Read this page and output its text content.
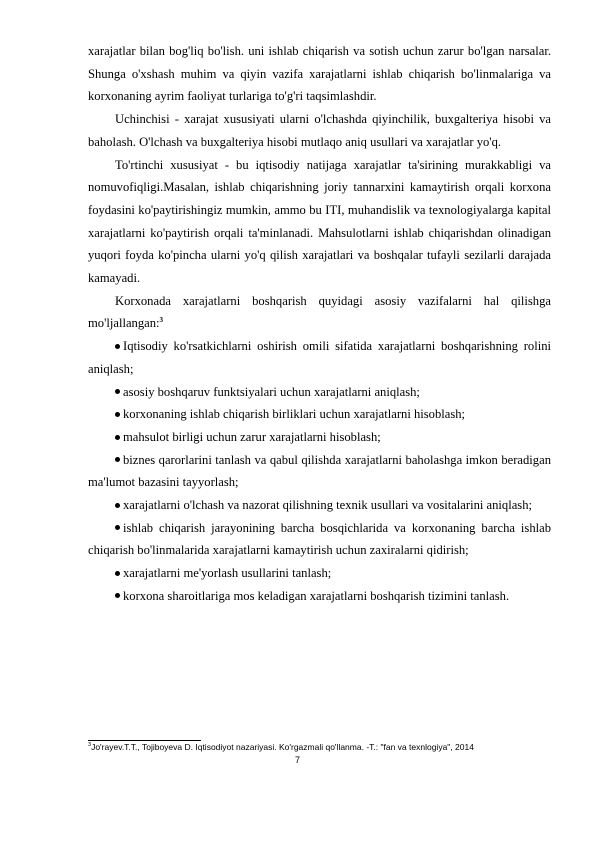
xarajatlar bilan bog'liq bo'lish. uni ishlab chiqarish va sotish uchun zarur bo'lgan narsalar. Shunga o'xshash muhim va qiyin vazifa xarajatlarni ishlab chiqarish bo'linmalariga va korxonaning ayrim faoliyat turlariga to'g'ri taqsimlashdir.

Uchinchisi - xarajat xususiyati ularni o'lchashda qiyinchilik, buxgalteriya hisobi va baholash. O'lchash va buxgalteriya hisobi mutlaqo aniq usullari va xarajatlar yo'q.

To'rtinchi xususiyat - bu iqtisodiy natijaga xarajatlar ta'sirining murakkabligi va nomuvofiqligi.Masalan, ishlab chiqarishning joriy tannarxini kamaytirish orqali korxona foydasini ko'paytirishingiz mumkin, ammo bu ITI, muhandislik va texnologiyalarga kapital xarajatlarni ko'paytirish orqali ta'minlanadi. Mahsulotlarni ishlab chiqarishdan olinadigan yuqori foyda ko'pincha ularni yo'q qilish xarajatlari va boshqalar tufayli sezilarli darajada kamayadi.

Korxonada xarajatlarni boshqarish quyidagi asosiy vazifalarni hal qilishga mo'ljallangan:$^3$

Iqtisodiy ko'rsatkichlarni oshirish omili sifatida xarajatlarni boshqarishning rolini aniqlash;

asosiy boshqaruv funktsiyalari uchun xarajatlarni aniqlash;

korxonaning ishlab chiqarish birliklari uchun xarajatlarni hisoblash;

mahsulot birligi uchun zarur xarajatlarni hisoblash;

biznes qarorlarini tanlash va qabul qilishda xarajatlarni baholashga imkon beradigan ma'lumot bazasini tayyorlash;

xarajatlarni o'lchash va nazorat qilishning texnik usullari va vositalarini aniqlash;

ishlab chiqarish jarayonining barcha bosqichlarida va korxonaning barcha ishlab chiqarish bo'linmalarida xarajatlarni kamaytirish uchun zaxiralarni qidirish;

xarajatlarni me'yorlash usullarini tanlash;

korxona sharoitlariga mos keladigan xarajatlarni boshqarish tizimini tanlash.

$^3$Jo'rayev.T.T., Tojiboyeva D. Iqtisodiyot nazariyasi. Ko'rgazmali qo'llanma. -T.: "fan va texnlogiya", 2014
7
